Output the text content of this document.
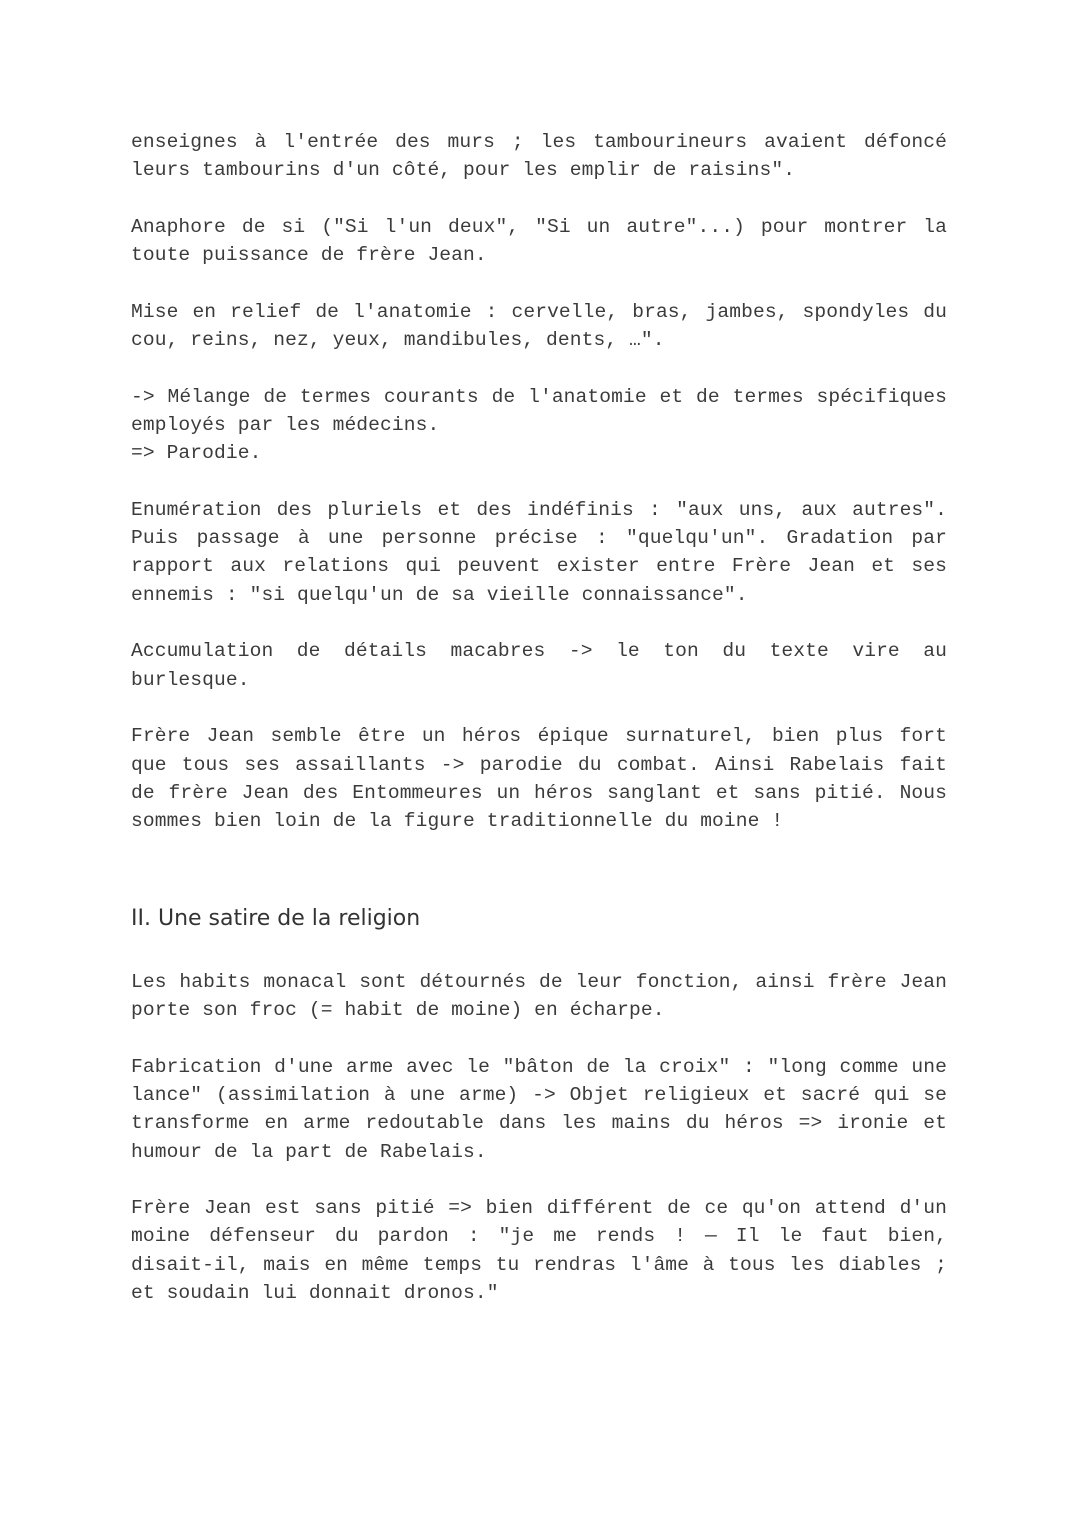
enseignes à l'entrée des murs ; les tambourineurs avaient défoncé leurs tambourins d'un côté, pour les emplir de raisins".

Anaphore de si ("Si l'un deux", "Si un autre"...) pour montrer la toute puissance de frère Jean.

Mise en relief de l'anatomie : cervelle, bras, jambes, spondyles du cou, reins, nez, yeux, mandibules, dents, …".

-> Mélange de termes courants de l'anatomie et de termes spécifiques employés par les médecins.
=> Parodie.

Enumération des pluriels et des indéfinis : "aux uns, aux autres". Puis passage à une personne précise : "quelqu'un". Gradation par rapport aux relations qui peuvent exister entre Frère Jean et ses ennemis : "si quelqu'un de sa vieille connaissance".

Accumulation de détails macabres -> le ton du texte vire au burlesque.

Frère Jean semble être un héros épique surnaturel, bien plus fort que tous ses assaillants -> parodie du combat. Ainsi Rabelais fait de frère Jean des Entommeures un héros sanglant et sans pitié. Nous sommes bien loin de la figure traditionnelle du moine !

II. Une satire de la religion

Les habits monacal sont détournés de leur fonction, ainsi frère Jean porte son froc (= habit de moine) en écharpe.

Fabrication d'une arme avec le "bâton de la croix" : "long comme une lance" (assimilation à une arme) -> Objet religieux et sacré qui se transforme en arme redoutable dans les mains du héros => ironie et humour de la part de Rabelais.

Frère Jean est sans pitié => bien différent de ce qu'on attend d'un moine défenseur du pardon : "je me rends ! — Il le faut bien, disait-il, mais en même temps tu rendras l'âme à tous les diables ; et soudain lui donnait dronos."
